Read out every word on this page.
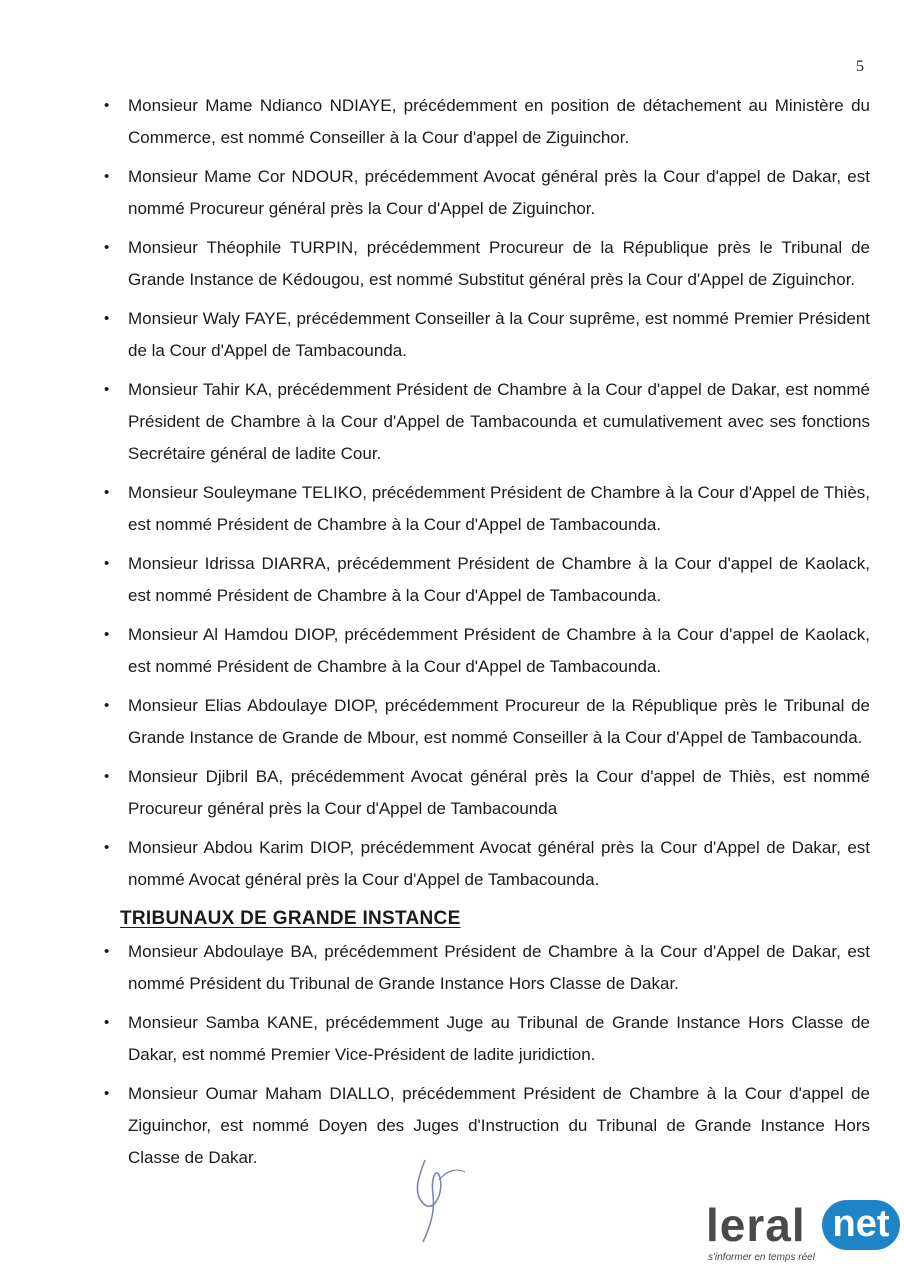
5
• Monsieur Mame Ndianco NDIAYE, précédemment en position de détachement au Ministère du Commerce, est nommé Conseiller à la Cour d'appel de Ziguinchor.
• Monsieur Mame Cor NDOUR, précédemment Avocat général près la Cour d'appel de Dakar, est nommé Procureur général près la Cour d'Appel de Ziguinchor.
• Monsieur Théophile TURPIN, précédemment Procureur de la République près le Tribunal de Grande Instance de Kédougou, est nommé Substitut général près la Cour d'Appel de Ziguinchor.
• Monsieur Waly FAYE, précédemment Conseiller à la Cour suprême, est nommé Premier Président de la Cour d'Appel de Tambacounda.
• Monsieur Tahir KA, précédemment Président de Chambre à la Cour d'appel de Dakar, est nommé Président de Chambre à la Cour d'Appel de Tambacounda et cumulativement avec ses fonctions Secrétaire général de ladite Cour.
• Monsieur Souleymane TELIKO, précédemment Président de Chambre à la Cour d'Appel de Thiès, est nommé Président de Chambre à la Cour d'Appel de Tambacounda.
• Monsieur Idrissa DIARRA, précédemment Président de Chambre à la Cour d'appel de Kaolack, est nommé Président de Chambre à la Cour d'Appel de Tambacounda.
• Monsieur Al Hamdou DIOP, précédemment Président de Chambre à la Cour d'appel de Kaolack, est nommé Président de Chambre à la Cour d'Appel de Tambacounda.
• Monsieur Elias Abdoulaye DIOP, précédemment Procureur de la République près le Tribunal de Grande Instance de Grande de Mbour, est nommé Conseiller à la Cour d'Appel de Tambacounda.
• Monsieur Djibril BA, précédemment Avocat général près la Cour d'appel de Thiès, est nommé Procureur général près la Cour d'Appel de Tambacounda
• Monsieur Abdou Karim DIOP, précédemment Avocat général près la Cour d'Appel de Dakar, est nommé Avocat général près la Cour d'Appel de Tambacounda.
TRIBUNAUX DE GRANDE INSTANCE
• Monsieur Abdoulaye BA, précédemment Président de Chambre à la Cour d'Appel de Dakar, est nommé Président du Tribunal de Grande Instance Hors Classe de Dakar.
• Monsieur Samba KANE, précédemment Juge au Tribunal de Grande Instance Hors Classe de Dakar, est nommé Premier Vice-Président de ladite juridiction.
• Monsieur Oumar Maham DIALLO, précédemment Président de Chambre à la Cour d'appel de Ziguinchor, est nommé Doyen des Juges d'Instruction du Tribunal de Grande Instance Hors Classe de Dakar.
leral net
s'informer en temps réel
